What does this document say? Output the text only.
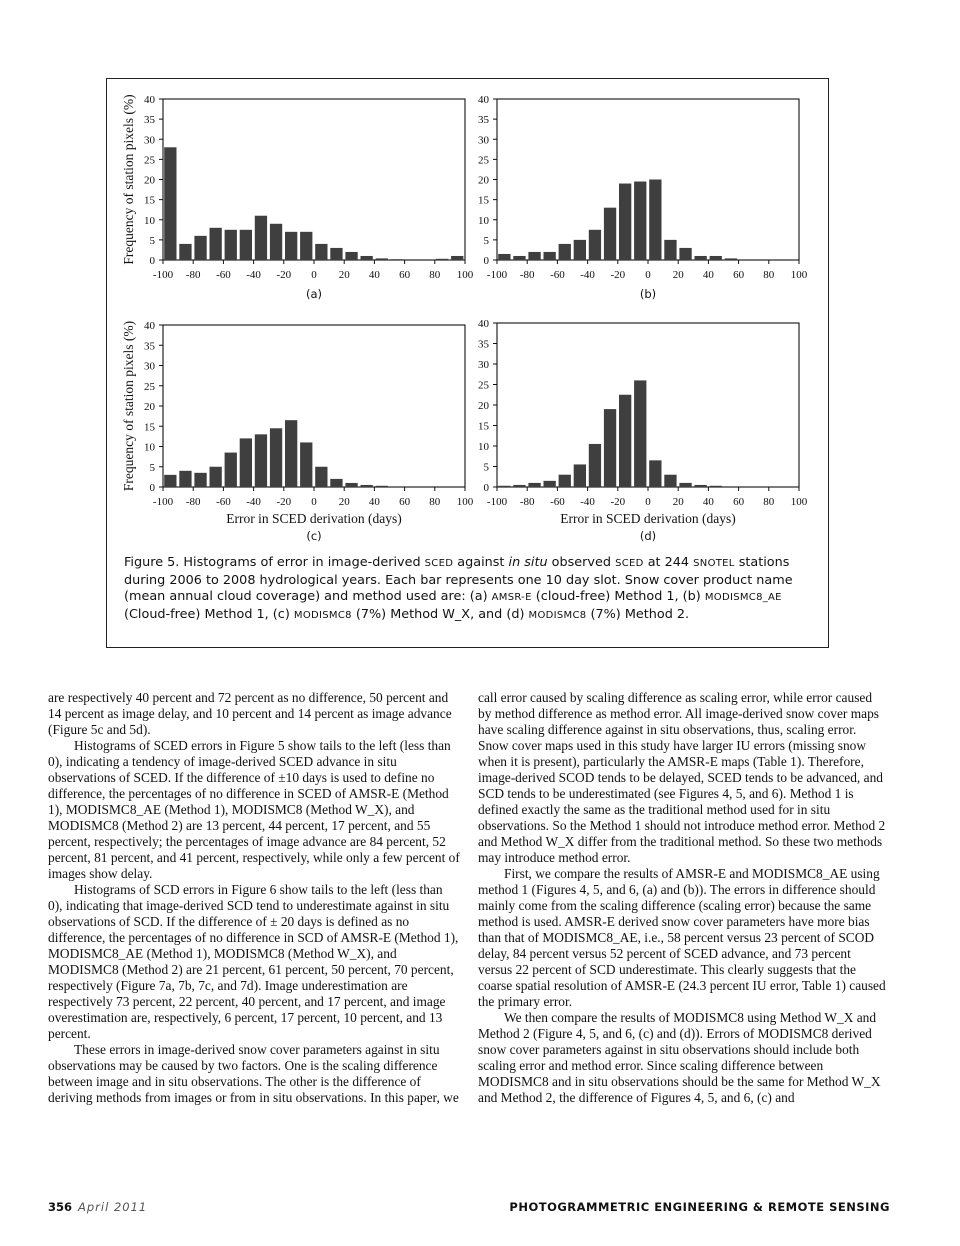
0
5
10
15
20
25
30
35
40
-100 -80 -60 -40 -20 0 20 40 60 80 100
Frequency of station pixels (%)
(a)
0
5
10
15
20
25
30
35
40
-100 -80 -60 -40 -20 0 20 40 60 80 100
(b)
0
5
10
15
20
25
30
35
40
-100 -80 -60 -40 -20 0 20 40 60 80 100
Frequency of station pixels (%)
Error in SCED derivation (days)
(c)
0
5
10
15
20
25
30
35
40
-100 -80 -60 -40 -20 0 20 40 60 80 100
Error in SCED derivation (days)
(d)
Figure 5. Histograms of error in image-derived SCED against in situ observed SCED at 244 SNOTEL stations during 2006 to 2008 hydrological years. Each bar represents one 10 day slot. Snow cover product name (mean annual cloud coverage) and method used are: (a) AMSR-E (cloud-free) Method 1, (b) MODISMC8_AE (Cloud-free) Method 1, (c) MODISMC8 (7%) Method W_X, and (d) MODISMC8 (7%) Method 2.

are respectively 40 percent and 72 percent as no difference, 50 percent and 14 percent as image delay, and 10 percent and 14 percent as image advance (Figure 5c and 5d).

Histograms of SCED errors in Figure 5 show tails to the left (less than 0), indicating a tendency of image-derived SCED advance in situ observations of SCED. If the difference of ±10 days is used to define no difference, the percentages of no difference in SCED of AMSR-E (Method 1), MODISMC8_AE (Method 1), MODISMC8 (Method W_X), and MODISMC8 (Method 2) are 13 percent, 44 percent, 17 percent, and 55 percent, respectively; the percentages of image advance are 84 percent, 52 percent, 81 percent, and 41 percent, respectively, while only a few percent of images show delay.

Histograms of SCD errors in Figure 6 show tails to the left (less than 0), indicating that image-derived SCD tend to underestimate against in situ observations of SCD. If the difference of ± 20 days is defined as no difference, the percentages of no difference in SCD of AMSR-E (Method 1), MODISMC8_AE (Method 1), MODISMC8 (Method W_X), and MODISMC8 (Method 2) are 21 percent, 61 percent, 50 percent, 70 percent, respectively (Figure 7a, 7b, 7c, and 7d). Image underestimation are respectively 73 percent, 22 percent, 40 percent, and 17 percent, and image overestimation are, respectively, 6 percent, 17 percent, 10 percent, and 13 percent.

These errors in image-derived snow cover parameters against in situ observations may be caused by two factors. One is the scaling difference between image and in situ observations. The other is the difference of deriving methods from images or from in situ observations. In this paper, we

call error caused by scaling difference as scaling error, while error caused by method difference as method error. All image-derived snow cover maps have scaling difference against in situ observations, thus, scaling error. Snow cover maps used in this study have larger IU errors (missing snow when it is present), particularly the AMSR-E maps (Table 1). Therefore, image-derived SCOD tends to be delayed, SCED tends to be advanced, and SCD tends to be underestimated (see Figures 4, 5, and 6). Method 1 is defined exactly the same as the traditional method used for in situ observations. So the Method 1 should not introduce method error. Method 2 and Method W_X differ from the traditional method. So these two methods may introduce method error.

First, we compare the results of AMSR-E and MODISMC8_AE using method 1 (Figures 4, 5, and 6, (a) and (b)). The errors in difference should mainly come from the scaling difference (scaling error) because the same method is used. AMSR-E derived snow cover parameters have more bias than that of MODISMC8_AE, i.e., 58 percent versus 23 percent of SCOD delay, 84 percent versus 52 percent of SCED advance, and 73 percent versus 22 percent of SCD underestimate. This clearly suggests that the coarse spatial resolution of AMSR-E (24.3 percent IU error, Table 1) caused the primary error.

We then compare the results of MODISMC8 using Method W_X and Method 2 (Figure 4, 5, and 6, (c) and (d)). Errors of MODISMC8 derived snow cover parameters against in situ observations should include both scaling error and method error. Since scaling difference between MODISMC8 and in situ observations should be the same for Method W_X and Method 2, the difference of Figures 4, 5, and 6, (c) and

356 April 2011	PHOTOGRAMMETRIC ENGINEERING & REMOTE SENSING
